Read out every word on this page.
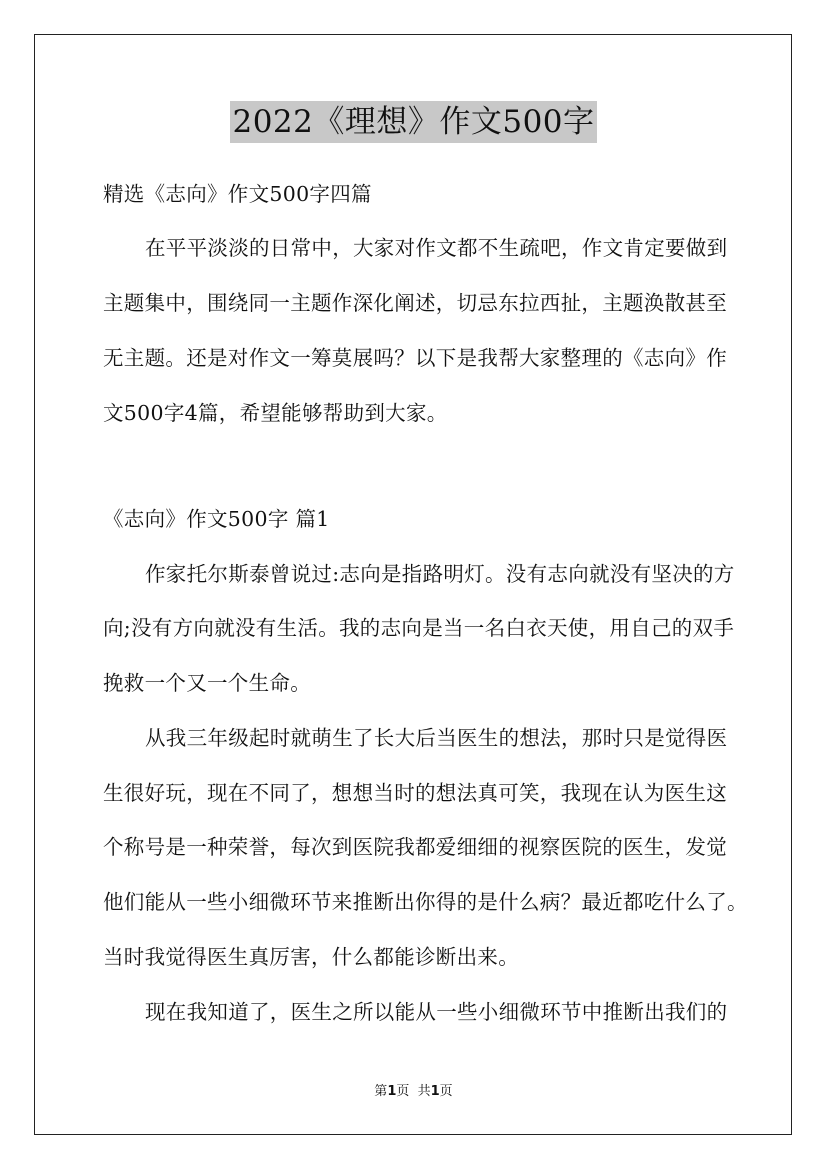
2022《理想》作文500字
精选《志向》作文500字四篇
在平平淡淡的日常中，大家对作文都不生疏吧，作文肯定要做到
主题集中，围绕同一主题作深化阐述，切忌东拉西扯，主题涣散甚至
无主题。还是对作文一筹莫展吗？以下是我帮大家整理的《志向》作
文500字4篇，希望能够帮助到大家。
《志向》作文500字 篇1
作家托尔斯泰曾说过:志向是指路明灯。没有志向就没有坚决的方
向;没有方向就没有生活。我的志向是当一名白衣天使，用自己的双手
挽救一个又一个生命。
从我三年级起时就萌生了长大后当医生的想法，那时只是觉得医
生很好玩，现在不同了，想想当时的想法真可笑，我现在认为医生这
个称号是一种荣誉，每次到医院我都爱细细的视察医院的医生，发觉
他们能从一些小细微环节来推断出你得的是什么病？最近都吃什么了。
当时我觉得医生真厉害，什么都能诊断出来。
现在我知道了，医生之所以能从一些小细微环节中推断出我们的
第1页  共1页
